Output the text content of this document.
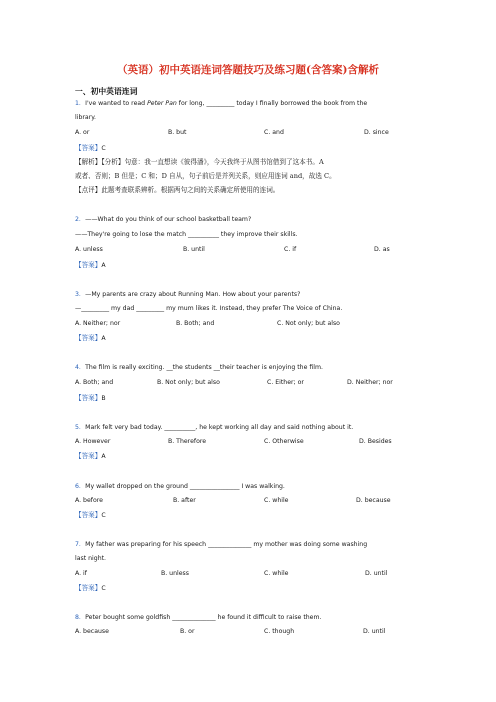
（英语）初中英语连词答题技巧及练习题(含答案)含解析
一、初中英语连词
1．I've wanted to read Peter Pan for long, _________ today I finally borrowed the book from the
library.
A. or	B. but	C. and	D. since
【答案】C
【解析】【分析】句意：我一直想读《彼得潘》，今天我终于从图书馆借到了这本书。A
或者、否则；B 但是；C 和；D 自从，句子前后是并列关系，则应用连词 and，故选 C。
【点评】此题考查联系辨析。根据两句之间的关系确定所使用的连词。
2．——What do you think of our school basketball team?
——They're going to lose the match __________ they improve their skills.
A. unless	B. until	C. if	D. as
【答案】A
3．—My parents are crazy about Running Man. How about your parents?
—_________ my dad _________ my mum likes it. Instead, they prefer The Voice of China.
A. Neither; nor	B. Both; and	C. Not only; but also
【答案】A
4．The film is really exciting. __the students __their teacher is enjoying the film.
A. Both; and	B. Not only; but also	C. Either; or	D. Neither; nor
【答案】B
5．Mark felt very bad today. __________, he kept working all day and said nothing about it.
A. However	B. Therefore	C. Otherwise	D. Besides
【答案】A
6．My wallet dropped on the ground ________________ I was walking.
A. before	B. after	C. while	D. because
【答案】C
7．My father was preparing for his speech ______________ my mother was doing some washing
last night.
A. if	B. unless	C. while	D. until
【答案】C
8．Peter bought some goldfish ______________ he found it difficult to raise them.
A. because	B. or	C. though	D. until
